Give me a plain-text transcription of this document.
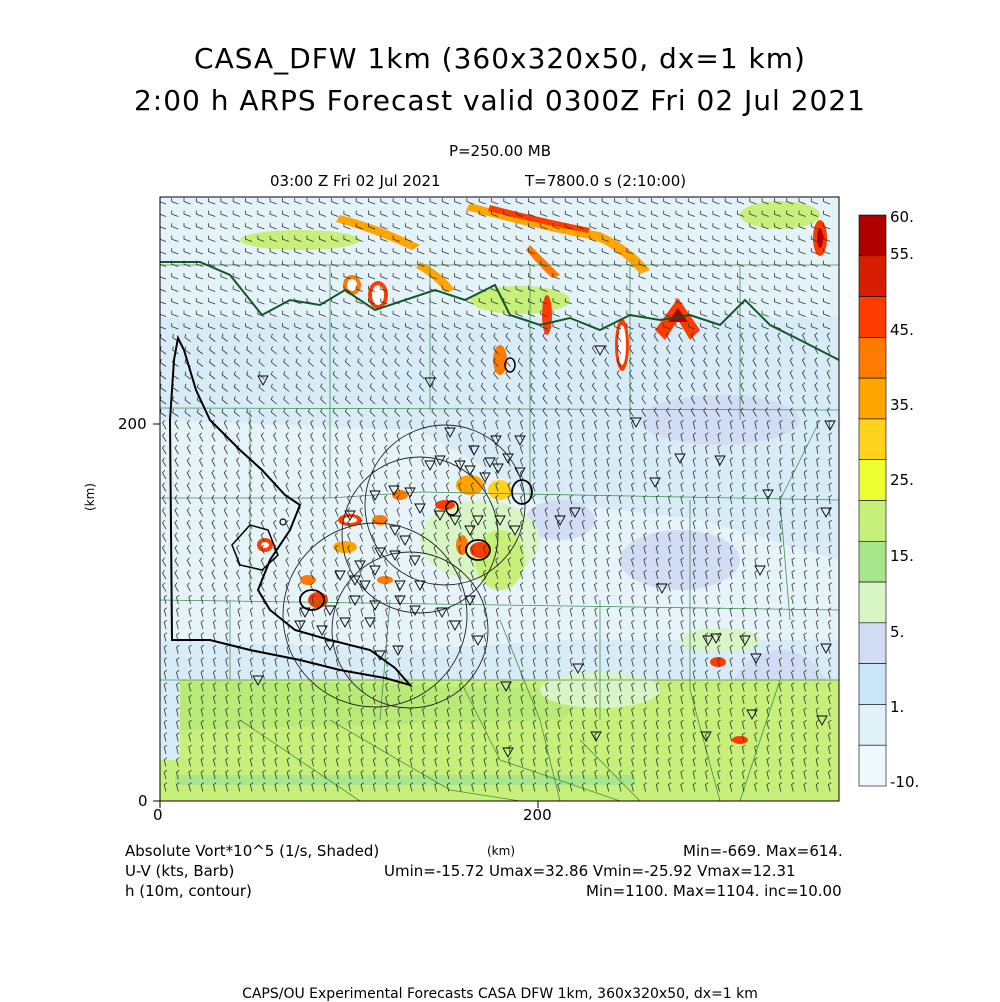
CASA_DFW 1km (360x320x50, dx=1 km)
2:00 h ARPS Forecast valid 0300Z Fri 02 Jul 2021
P=250.00 MB
03:00 Z Fri 02 Jul 2021	T=7800.0 s (2:10:00)
0	200
0
200
(km)
(km)
60.
55.
45.
35.
25.
15.
5.
1.
-10.
Absolute Vort*10^5 (1/s, Shaded)	Min=-669. Max=614.
U-V (kts, Barb)	Umin=-15.72 Umax=32.86 Vmin=-25.92 Vmax=12.31
h (10m, contour)	Min=1100. Max=1104. inc=10.00
CAPS/OU Experimental Forecasts CASA DFW 1km, 360x320x50, dx=1 km
